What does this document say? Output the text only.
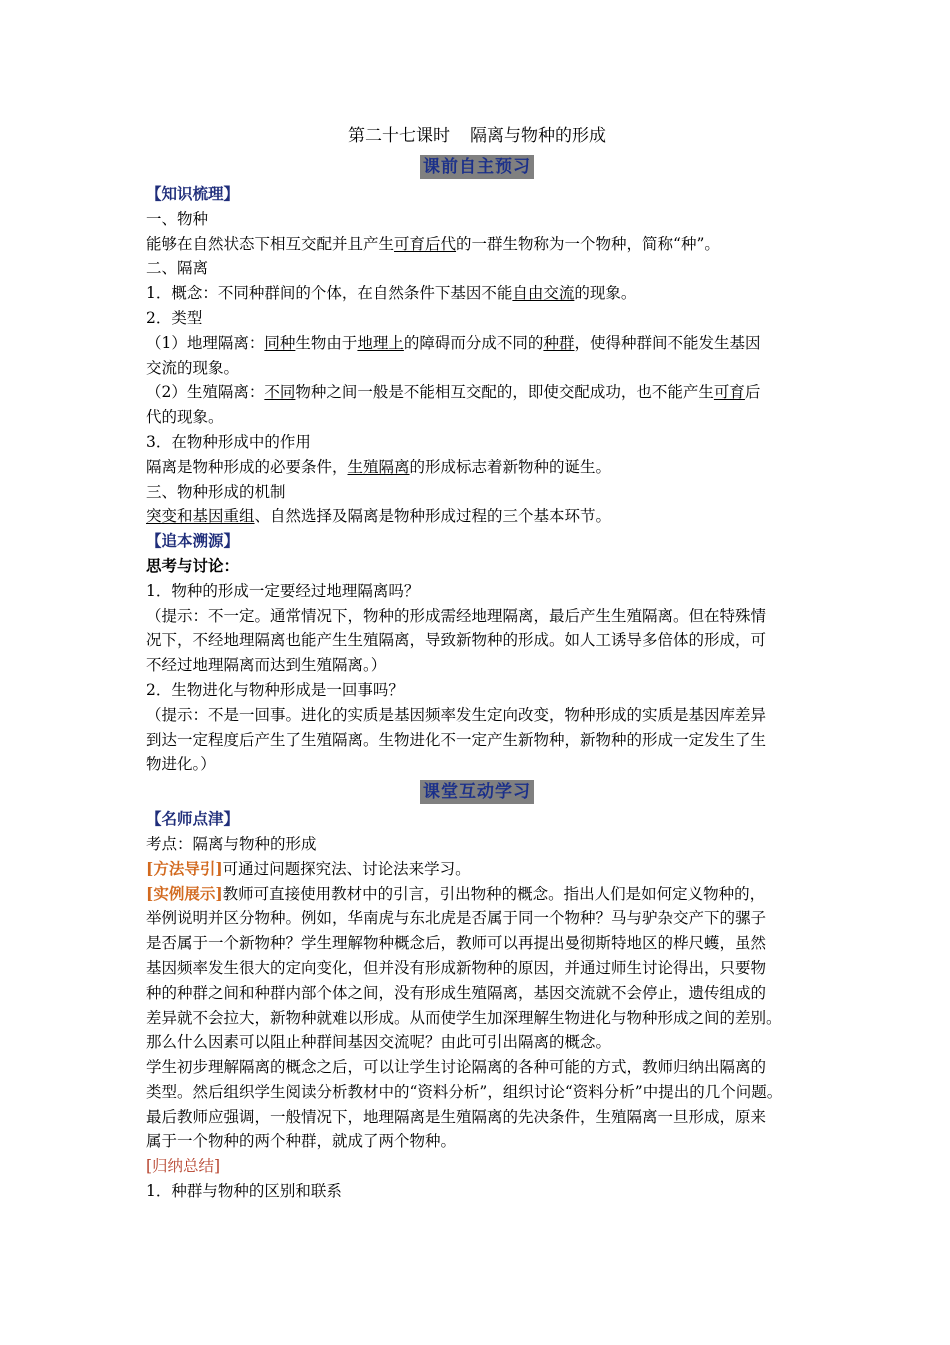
第二十七课时 隔离与物种的形成
课前自主预习
【知识梳理】
一、物种
能够在自然状态下相互交配并且产生可育后代的一群生物称为一个物种，简称“种”。
二、隔离
1．概念：不同种群间的个体，在自然条件下基因不能自由交流的现象。
2．类型
（1）地理隔离：同种生物由于地理上的障碍而分成不同的种群，使得种群间不能发生基因
交流的现象。
（2）生殖隔离：不同物种之间一般是不能相互交配的，即使交配成功，也不能产生可育后
代的现象。
3．在物种形成中的作用
隔离是物种形成的必要条件，生殖隔离的形成标志着新物种的诞生。
三、物种形成的机制
突变和基因重组、自然选择及隔离是物种形成过程的三个基本环节。
【追本溯源】
思考与讨论：
1．物种的形成一定要经过地理隔离吗？
（提示：不一定。通常情况下，物种的形成需经地理隔离，最后产生生殖隔离。但在特殊情
况下，不经地理隔离也能产生生殖隔离，导致新物种的形成。如人工诱导多倍体的形成，可
不经过地理隔离而达到生殖隔离。）
2．生物进化与物种形成是一回事吗？
（提示：不是一回事。进化的实质是基因频率发生定向改变，物种形成的实质是基因库差异
到达一定程度后产生了生殖隔离。生物进化不一定产生新物种，新物种的形成一定发生了生
物进化。）
课堂互动学习
【名师点津】
考点：隔离与物种的形成
[方法导引]可通过问题探究法、讨论法来学习。
[实例展示]教师可直接使用教材中的引言，引出物种的概念。指出人们是如何定义物种的，
举例说明并区分物种。例如，华南虎与东北虎是否属于同一个物种？马与驴杂交产下的骡子
是否属于一个新物种？学生理解物种概念后，教师可以再提出曼彻斯特地区的桦尺蠖，虽然
基因频率发生很大的定向变化，但并没有形成新物种的原因，并通过师生讨论得出，只要物
种的种群之间和种群内部个体之间，没有形成生殖隔离，基因交流就不会停止，遗传组成的
差异就不会拉大，新物种就难以形成。从而使学生加深理解生物进化与物种形成之间的差别。
那么什么因素可以阻止种群间基因交流呢？由此可引出隔离的概念。
学生初步理解隔离的概念之后，可以让学生讨论隔离的各种可能的方式，教师归纳出隔离的
类型。然后组织学生阅读分析教材中的“资料分析”，组织讨论“资料分析”中提出的几个问题。
最后教师应强调，一般情况下，地理隔离是生殖隔离的先决条件，生殖隔离一旦形成，原来
属于一个物种的两个种群，就成了两个物种。
[归纳总结]
1．种群与物种的区别和联系
